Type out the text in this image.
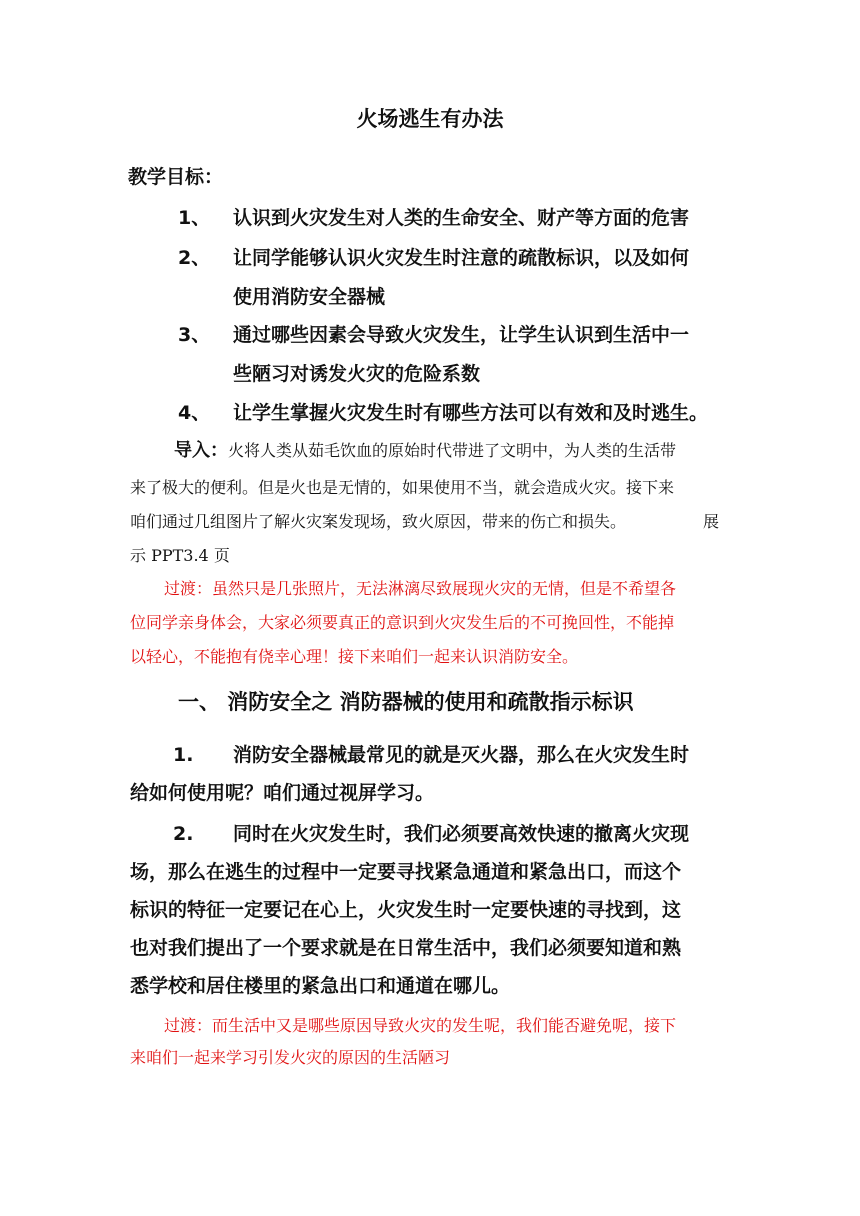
火场逃生有办法
教学目标：
1、 认识到火灾发生对人类的生命安全、财产等方面的危害
2、 让同学能够认识火灾发生时注意的疏散标识，以及如何
使用消防安全器械
3、 通过哪些因素会导致火灾发生，让学生认识到生活中一
些陋习对诱发火灾的危险系数
4、 让学生掌握火灾发生时有哪些方法可以有效和及时逃生。
导入：火将人类从茹毛饮血的原始时代带进了文明中，为人类的生活带
来了极大的便利。但是火也是无情的，如果使用不当，就会造成火灾。接下来
咱们通过几组图片了解火灾案发现场，致火原因，带来的伤亡和损失。	展
示 PPT3.4 页
过渡：虽然只是几张照片，无法淋漓尽致展现火灾的无情，但是不希望各
位同学亲身体会，大家必须要真正的意识到火灾发生后的不可挽回性，不能掉
以轻心，不能抱有侥幸心理！接下来咱们一起来认识消防安全。
一、 消防安全之 消防器械的使用和疏散指示标识
1. 消防安全器械最常见的就是灭火器，那么在火灾发生时
给如何使用呢？咱们通过视屏学习。
2. 同时在火灾发生时，我们必须要高效快速的撤离火灾现
场，那么在逃生的过程中一定要寻找紧急通道和紧急出口，而这个
标识的特征一定要记在心上，火灾发生时一定要快速的寻找到，这
也对我们提出了一个要求就是在日常生活中，我们必须要知道和熟
悉学校和居住楼里的紧急出口和通道在哪儿。
过渡：而生活中又是哪些原因导致火灾的发生呢，我们能否避免呢，接下
来咱们一起来学习引发火灾的原因的生活陋习
